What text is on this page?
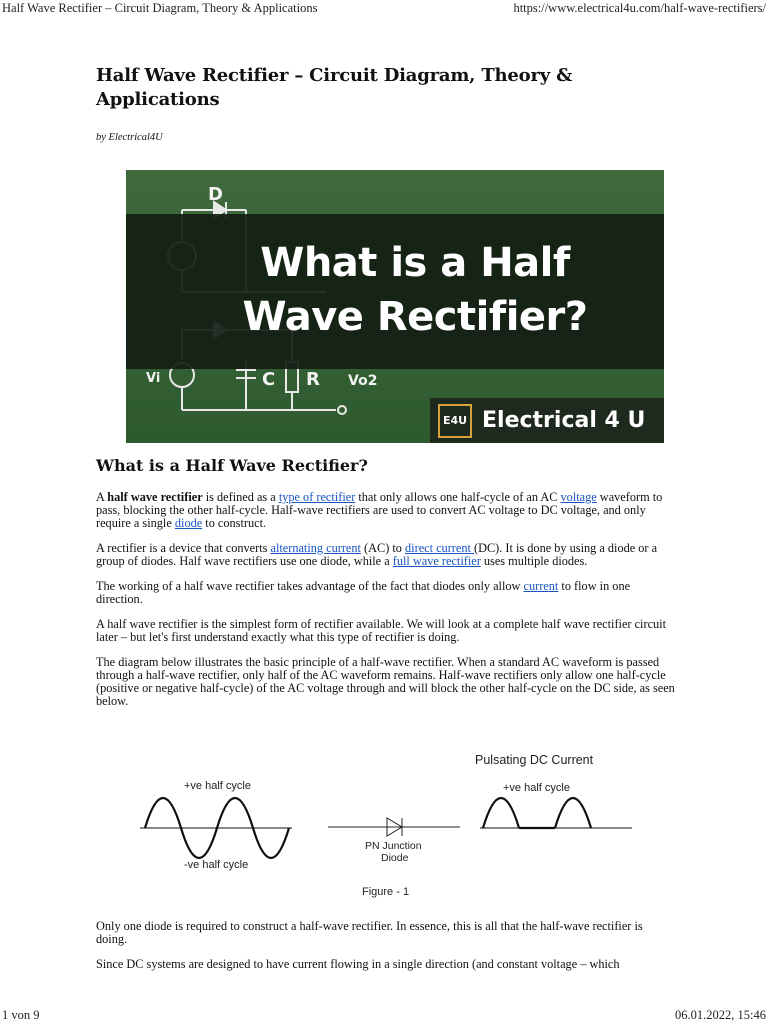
Half Wave Rectifier – Circuit Diagram, Theory & Applications	https://www.electrical4u.com/half-wave-rectifiers/
Half Wave Rectifier – Circuit Diagram, Theory & Applications
by Electrical4U
D
Vi	C R Vo2
What is a Half
Wave Rectifier?
E4U Electrical 4 U
What is a Half Wave Rectifier?

A half wave rectifier is defined as a type of rectifier that only allows one half-cycle of an AC voltage waveform to pass, blocking the other half-cycle. Half-wave rectifiers are used to convert AC voltage to DC voltage, and only require a single diode to construct.

A rectifier is a device that converts alternating current (AC) to direct current (DC). It is done by using a diode or a group of diodes. Half wave rectifiers use one diode, while a full wave rectifier uses multiple diodes.

The working of a half wave rectifier takes advantage of the fact that diodes only allow current to flow in one direction.

A half wave rectifier is the simplest form of rectifier available. We will look at a complete half wave rectifier circuit later – but let's first understand exactly what this type of rectifier is doing.

The diagram below illustrates the basic principle of a half-wave rectifier. When a standard AC waveform is passed through a half-wave rectifier, only half of the AC waveform remains. Half-wave rectifiers only allow one half-cycle (positive or negative half-cycle) of the AC voltage through and will block the other half-cycle on the DC side, as seen below.

+ve half cycle
-ve half cycle
PN Junction
Diode
Pulsating DC Current
+ve half cycle
Figure - 1

Only one diode is required to construct a half-wave rectifier. In essence, this is all that the half-wave rectifier is doing.

Since DC systems are designed to have current flowing in a single direction (and constant voltage – which

1 von 9	06.01.2022, 15:46
